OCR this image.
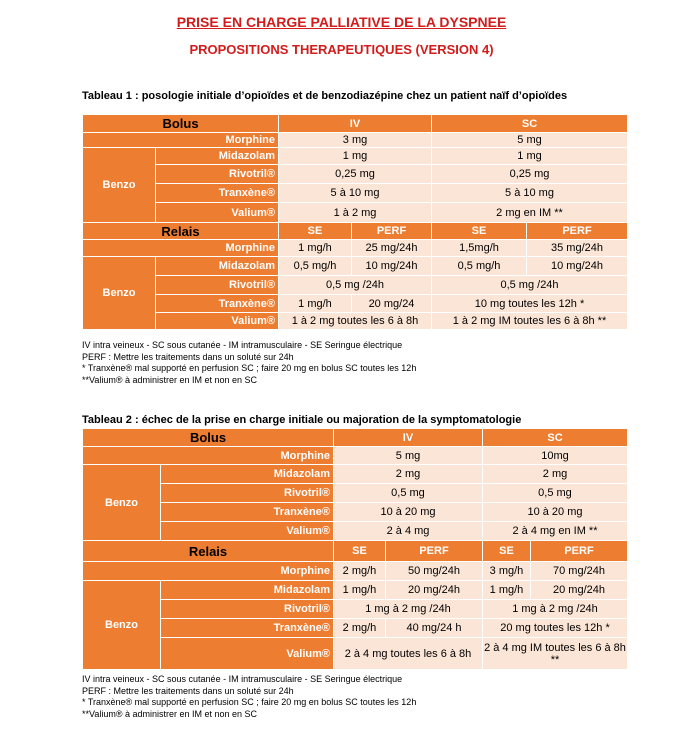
PRISE EN CHARGE PALLIATIVE DE LA DYSPNEE
PROPOSITIONS THERAPEUTIQUES (VERSION 4)
Tableau 1 : posologie initiale d’opioïdes et de benzodiazépine chez un patient naïf d’opioïdes
Bolus		IV		SC	
Morphine		3 mg		5 mg	
Benzo	Midazolam	1 mg		1 mg	
	Rivotril®	0,25 mg		0,25 mg	
	Tranxène®	5 à 10 mg		5 à 10 mg	
	Valium®	1 à 2 mg		2 mg en IM **	
Relais		SE	PERF	SE	PERF
Morphine		1 mg/h	25 mg/24h	1,5mg/h	35 mg/24h
Benzo	Midazolam	0,5 mg/h	10 mg/24h	0,5 mg/h	10 mg/24h
	Rivotril®	0,5 mg /24h		0,5 mg /24h	
	Tranxène®	1 mg/h	20 mg/24	10 mg toutes les 12h *	
	Valium®	1 à 2 mg toutes les 6 à 8h		1 à 2 mg IM toutes les 6 à 8h **	
IV intra veineux - SC sous cutanée - IM intramusculaire - SE Seringue électrique
PERF : Mettre les traitements dans un soluté sur 24h
* Tranxène® mal supporté en perfusion SC ; faire 20 mg en bolus SC toutes les 12h
**Valium® à administrer en IM et non en SC
Tableau 2 : échec de la prise en charge initiale ou majoration de la symptomatologie
Bolus		IV		SC	
Morphine		5 mg		10mg	
Benzo	Midazolam	2 mg		2 mg	
	Rivotril®	0,5 mg		0,5 mg	
	Tranxène®	10 à 20 mg		10 à 20 mg	
	Valium®	2 à 4 mg		2 à 4 mg en IM **	
Relais		SE	PERF	SE	PERF
Morphine		2 mg/h	50 mg/24h	3 mg/h	70 mg/24h
Benzo	Midazolam	1 mg/h	20 mg/24h	1 mg/h	20 mg/24h
	Rivotril®	1 mg à 2 mg /24h		1 mg à 2 mg /24h	
	Tranxène®	2 mg/h	40 mg/24 h	20 mg toutes les 12h *	
	Valium®	2 à 4 mg toutes les 6 à 8h		2 à 4 mg IM toutes les 6 à 8h
**	
IV intra veineux - SC sous cutanée - IM intramusculaire - SE Seringue électrique
PERF : Mettre les traitements dans un soluté sur 24h
* Tranxène® mal supporté en perfusion SC ; faire 20 mg en bolus SC toutes les 12h
**Valium® à administrer en IM et non en SC
